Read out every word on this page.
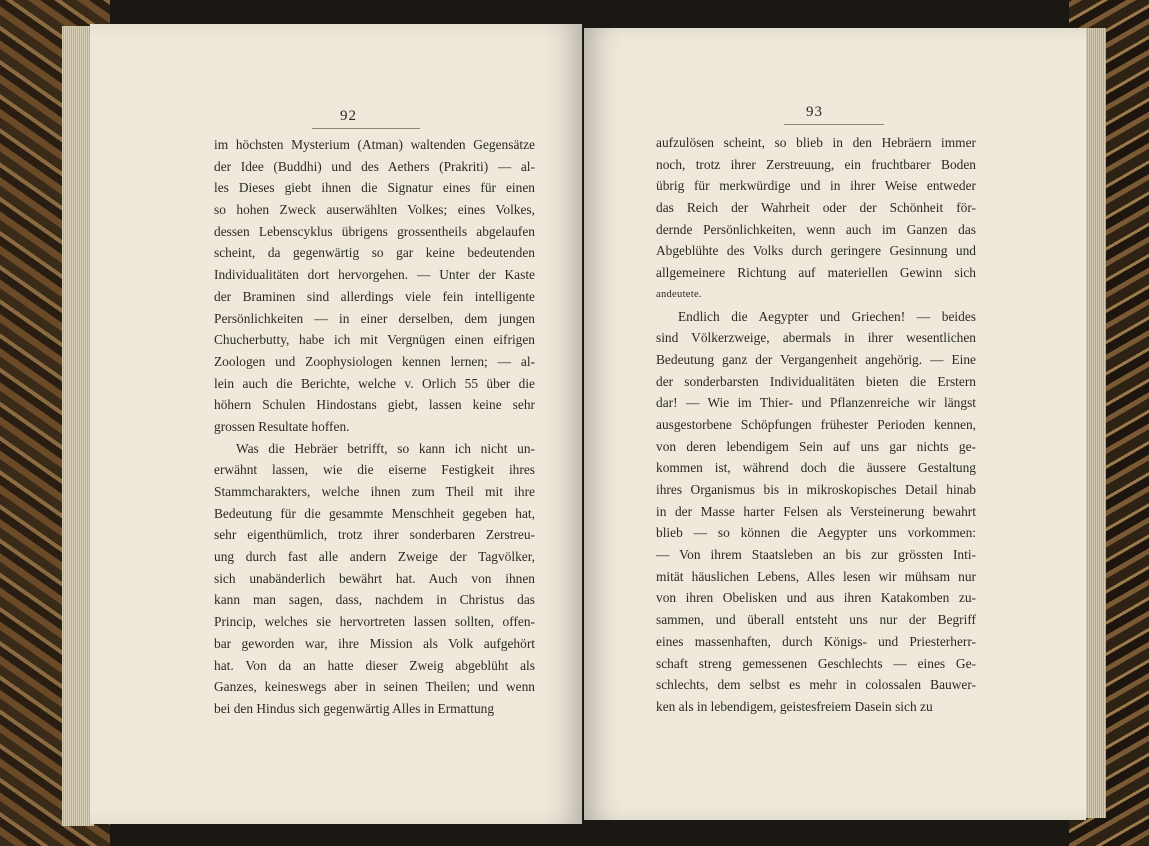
92
im höchsten Mysterium (Atman) waltenden Gegensätze
der Idee (Buddhi) und des Aethers (Prakriti) — al-
les Dieses giebt ihnen die Signatur eines für einen
so hohen Zweck auserwählten Volkes; eines Volkes,
dessen Lebenscyklus übrigens grossentheils abgelaufen
scheint, da gegenwärtig so gar keine bedeutenden
Individualitäten dort hervorgehen. — Unter der Kaste
der Braminen sind allerdings viele fein intelligente
Persönlichkeiten — in einer derselben, dem jungen
Chucherbutty, habe ich mit Vergnügen einen eifrigen
Zoologen und Zoophysiologen kennen lernen; — al-
lein auch die Berichte, welche v. Orlich 55 über die
höhern Schulen Hindostans giebt, lassen keine sehr
grossen Resultate hoffen.
Was die Hebräer betrifft, so kann ich nicht un-
erwähnt lassen, wie die eiserne Festigkeit ihres
Stammcharakters, welche ihnen zum Theil mit ihre
Bedeutung für die gesammte Menschheit gegeben hat,
sehr eigenthümlich, trotz ihrer sonderbaren Zerstreu-
ung durch fast alle andern Zweige der Tagvölker,
sich unabänderlich bewährt hat. Auch von ihnen
kann man sagen, dass, nachdem in Christus das
Princip, welches sie hervortreten lassen sollten, offen-
bar geworden war, ihre Mission als Volk aufgehört
hat. Von da an hatte dieser Zweig abgeblüht als
Ganzes, keineswegs aber in seinen Theilen; und wenn
bei den Hindus sich gegenwärtig Alles in Ermattung
93
aufzulösen scheint, so blieb in den Hebräern immer
noch, trotz ihrer Zerstreuung, ein fruchtbarer Boden
übrig für merkwürdige und in ihrer Weise entweder
das Reich der Wahrheit oder der Schönheit för-
dernde Persönlichkeiten, wenn auch im Ganzen das
Abgeblühte des Volks durch geringere Gesinnung und
allgemeinere Richtung auf materiellen Gewinn sich
andeutete.
Endlich die Aegypter und Griechen! — beides
sind Völkerzweige, abermals in ihrer wesentlichen
Bedeutung ganz der Vergangenheit angehörig. — Eine
der sonderbarsten Individualitäten bieten die Erstern
dar! — Wie im Thier- und Pflanzenreiche wir längst
ausgestorbene Schöpfungen frühester Perioden kennen,
von deren lebendigem Sein auf uns gar nichts ge-
kommen ist, während doch die äussere Gestaltung
ihres Organismus bis in mikroskopisches Detail hinab
in der Masse harter Felsen als Versteinerung bewahrt
blieb — so können die Aegypter uns vorkommen:
— Von ihrem Staatsleben an bis zur grössten Inti-
mität häuslichen Lebens, Alles lesen wir mühsam nur
von ihren Obelisken und aus ihren Katakomben zu-
sammen, und überall entsteht uns nur der Begriff
eines massenhaften, durch Königs- und Priesterherr-
schaft streng gemessenen Geschlechts — eines Ge-
schlechts, dem selbst es mehr in colossalen Bauwer-
ken als in lebendigem, geistesfreiem Dasein sich zu
